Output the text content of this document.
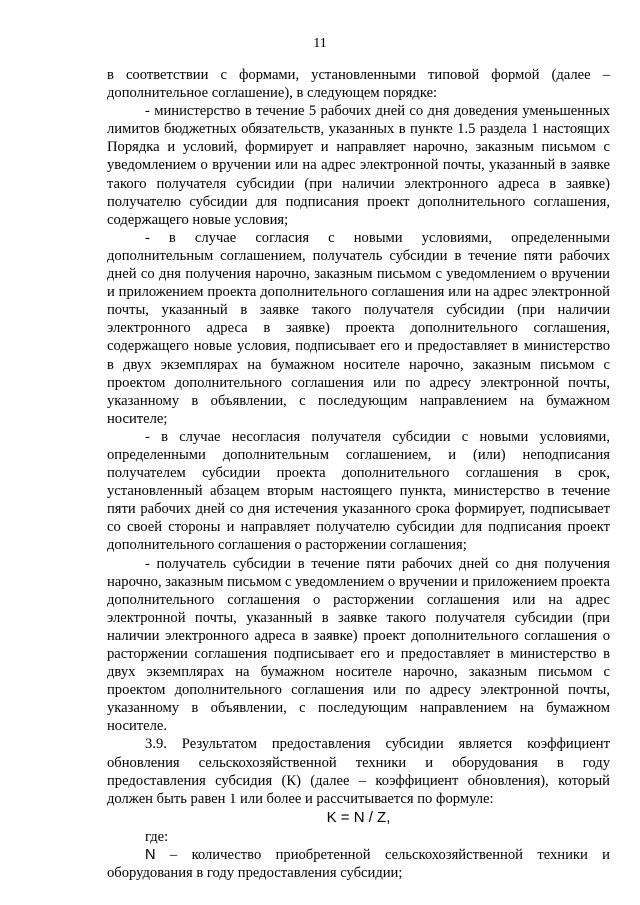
11

в соответствии с формами, установленными типовой формой (далее – дополнительное соглашение), в следующем порядке:

- министерство в течение 5 рабочих дней со дня доведения уменьшенных лимитов бюджетных обязательств, указанных в пункте 1.5 раздела 1 настоящих Порядка и условий, формирует и направляет нарочно, заказным письмом с уведомлением о вручении или на адрес электронной почты, указанный в заявке такого получателя субсидии (при наличии электронного адреса в заявке) получателю субсидии для подписания проект дополнительного соглашения, содержащего новые условия;

- в случае согласия с новыми условиями, определенными дополнительным соглашением, получатель субсидии в течение пяти рабочих дней со дня получения нарочно, заказным письмом с уведомлением о вручении и приложением проекта дополнительного соглашения или на адрес электронной почты, указанный в заявке такого получателя субсидии (при наличии электронного адреса в заявке) проекта дополнительного соглашения, содержащего новые условия, подписывает его и предоставляет в министерство в двух экземплярах на бумажном носителе нарочно, заказным письмом с проектом дополнительного соглашения или по адресу электронной почты, указанному в объявлении, с последующим направлением на бумажном носителе;

- в случае несогласия получателя субсидии с новыми условиями, определенными дополнительным соглашением, и (или) неподписания получателем субсидии проекта дополнительного соглашения в срок, установленный абзацем вторым настоящего пункта, министерство в течение пяти рабочих дней со дня истечения указанного срока формирует, подписывает со своей стороны и направляет получателю субсидии для подписания проект дополнительного соглашения о расторжении соглашения;

- получатель субсидии в течение пяти рабочих дней со дня получения нарочно, заказным письмом с уведомлением о вручении и приложением проекта дополнительного соглашения о расторжении соглашения или на адрес электронной почты, указанный в заявке такого получателя субсидии (при наличии электронного адреса в заявке) проект дополнительного соглашения о расторжении соглашения подписывает его и предоставляет в министерство в двух экземплярах на бумажном носителе нарочно, заказным письмом с проектом дополнительного соглашения или по адресу электронной почты, указанному в объявлении, с последующим направлением на бумажном носителе.

3.9. Результатом предоставления субсидии является коэффициент обновления сельскохозяйственной техники и оборудования в году предоставления субсидия (К) (далее – коэффициент обновления), который должен быть равен 1 или более и рассчитывается по формуле:

K = N / Z,

где:

N – количество приобретенной сельскохозяйственной техники и оборудования в году предоставления субсидии;
